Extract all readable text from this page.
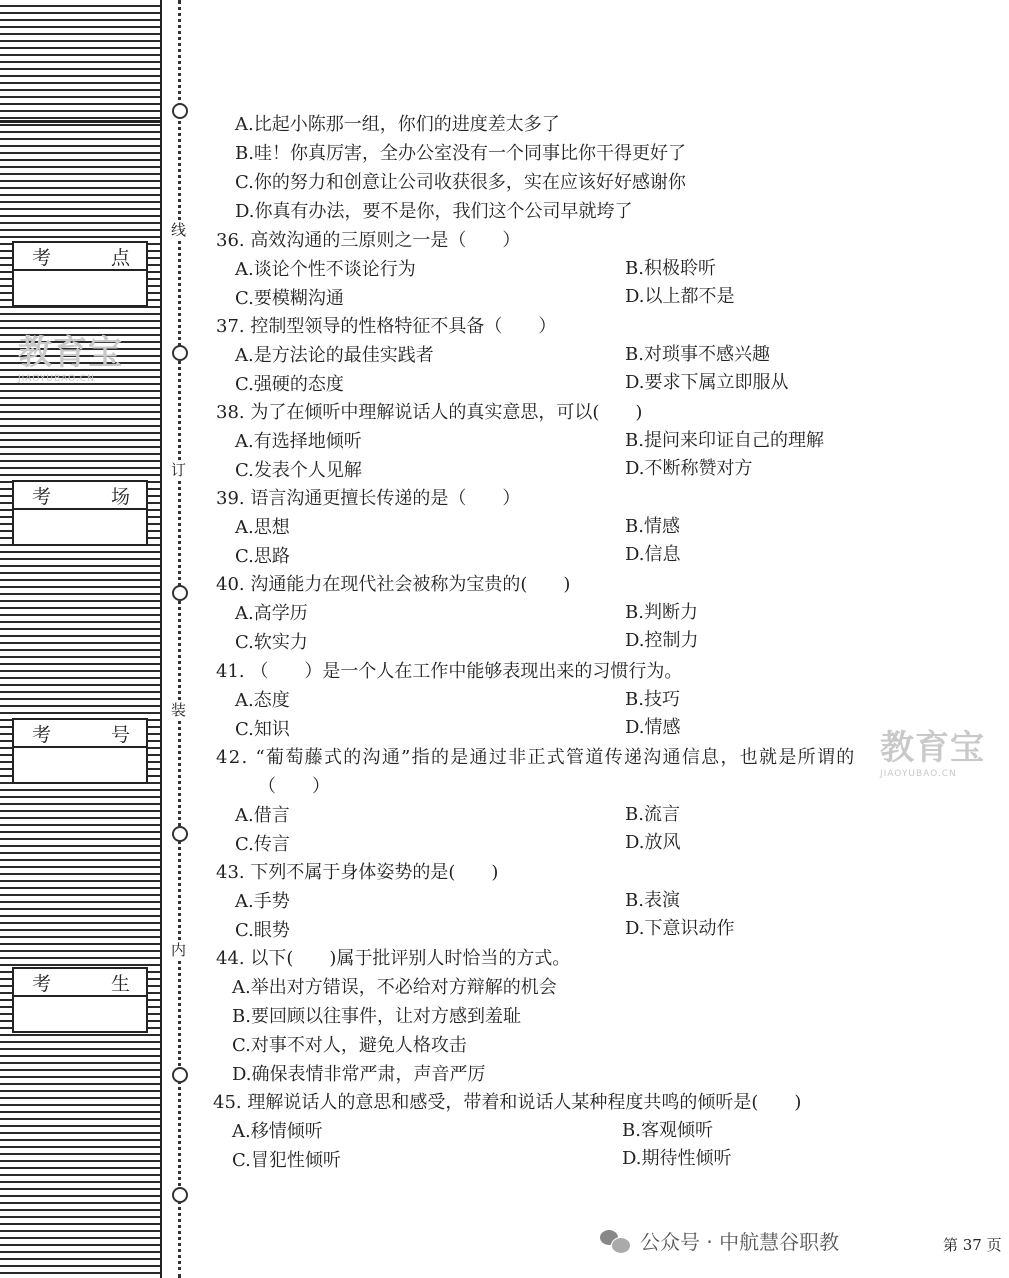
考	点
考	场
考	号
考	生
线
订
装
内
A.比起小陈那一组，你们的进度差太多了
B.哇！你真厉害，全办公室没有一个同事比你干得更好了
C.你的努力和创意让公司收获很多，实在应该好好感谢你
D.你真有办法，要不是你，我们这个公司早就垮了
36. 高效沟通的三原则之一是（　　）
A.谈论个性不谈论行为	B.积极聆听
C.要模糊沟通	D.以上都不是
37. 控制型领导的性格特征不具备（　　）
A.是方法论的最佳实践者	B.对琐事不感兴趣
C.强硬的态度	D.要求下属立即服从
38. 为了在倾听中理解说话人的真实意思，可以(　　)
A.有选择地倾听	B.提问来印证自己的理解
C.发表个人见解	D.不断称赞对方
39. 语言沟通更擅长传递的是（　　）
A.思想	B.情感
C.思路	D.信息
40. 沟通能力在现代社会被称为宝贵的(　　)
A.高学历	B.判断力
C.软实力	D.控制力
41. （　　）是一个人在工作中能够表现出来的习惯行为。
A.态度	B.技巧
C.知识	D.情感
42. “葡萄藤式的沟通”指的是通过非正式管道传递沟通信息，也就是所谓的
（　　）
A.借言	B.流言
C.传言	D.放风
43. 下列不属于身体姿势的是(　　)
A.手势	B.表演
C.眼势	D.下意识动作
44. 以下(　　)属于批评别人时恰当的方式。
A.举出对方错误，不必给对方辩解的机会
B.要回顾以往事件，让对方感到羞耻
C.对事不对人，避免人格攻击
D.确保表情非常严肃，声音严厉
45. 理解说话人的意思和感受，带着和说话人某种程度共鸣的倾听是(　　)
A.移情倾听	B.客观倾听
C.冒犯性倾听	D.期待性倾听
教育宝
JIAOYUBAO.CN
教育宝
JIAOYUBAO.CN
公众号 · 中航慧谷职教	第 37 页
